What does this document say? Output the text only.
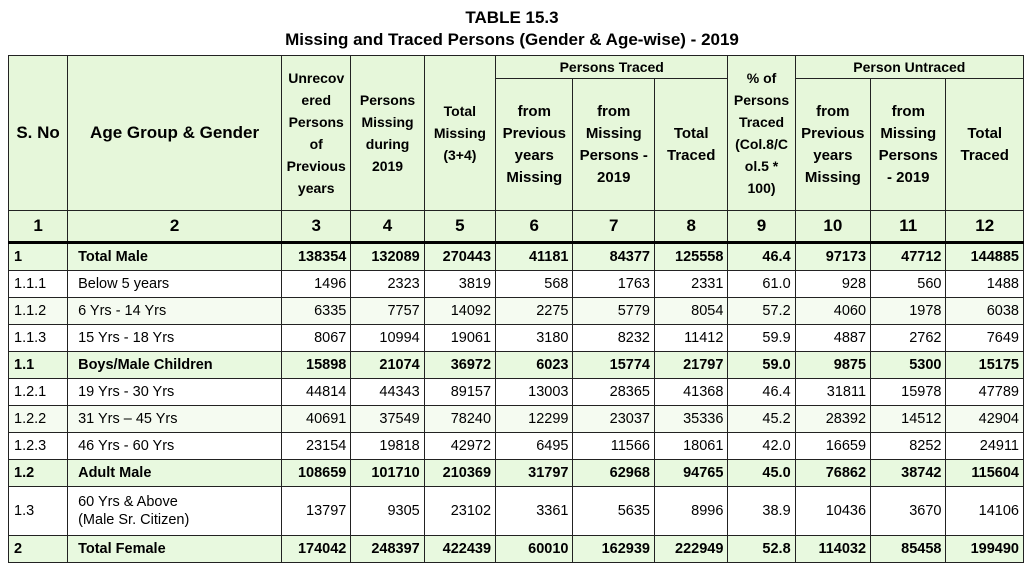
TABLE 15.3
Missing and Traced Persons (Gender & Age-wise) - 2019
S. No	Age Group & Gender	Unrecov ered Persons of Previous years	Persons Missing during 2019	Total Missing (3+4)	Persons Traced			% of Persons Traced (Col.8/C ol.5 * 100)	Person Untraced		
					from Previous years Missing	from Missing Persons - 2019	Total Traced		from Previous years Missing	from Missing Persons - 2019	Total Traced
1	2	3	4	5	6	7	8	9	10	11	12
1	Total Male	138354	132089	270443	41181	84377	125558	46.4	97173	47712	144885
1.1.1	Below 5 years	1496	2323	3819	568	1763	2331	61.0	928	560	1488
1.1.2	6 Yrs - 14 Yrs	6335	7757	14092	2275	5779	8054	57.2	4060	1978	6038
1.1.3	15 Yrs - 18 Yrs	8067	10994	19061	3180	8232	11412	59.9	4887	2762	7649
1.1	Boys/Male Children	15898	21074	36972	6023	15774	21797	59.0	9875	5300	15175
1.2.1	19 Yrs - 30 Yrs	44814	44343	89157	13003	28365	41368	46.4	31811	15978	47789
1.2.2	31 Yrs – 45 Yrs	40691	37549	78240	12299	23037	35336	45.2	28392	14512	42904
1.2.3	46 Yrs - 60 Yrs	23154	19818	42972	6495	11566	18061	42.0	16659	8252	24911
1.2	Adult Male	108659	101710	210369	31797	62968	94765	45.0	76862	38742	115604
1.3	60 Yrs & Above
(Male Sr. Citizen)	13797	9305	23102	3361	5635	8996	38.9	10436	3670	14106
2	Total Female	174042	248397	422439	60010	162939	222949	52.8	114032	85458	199490
